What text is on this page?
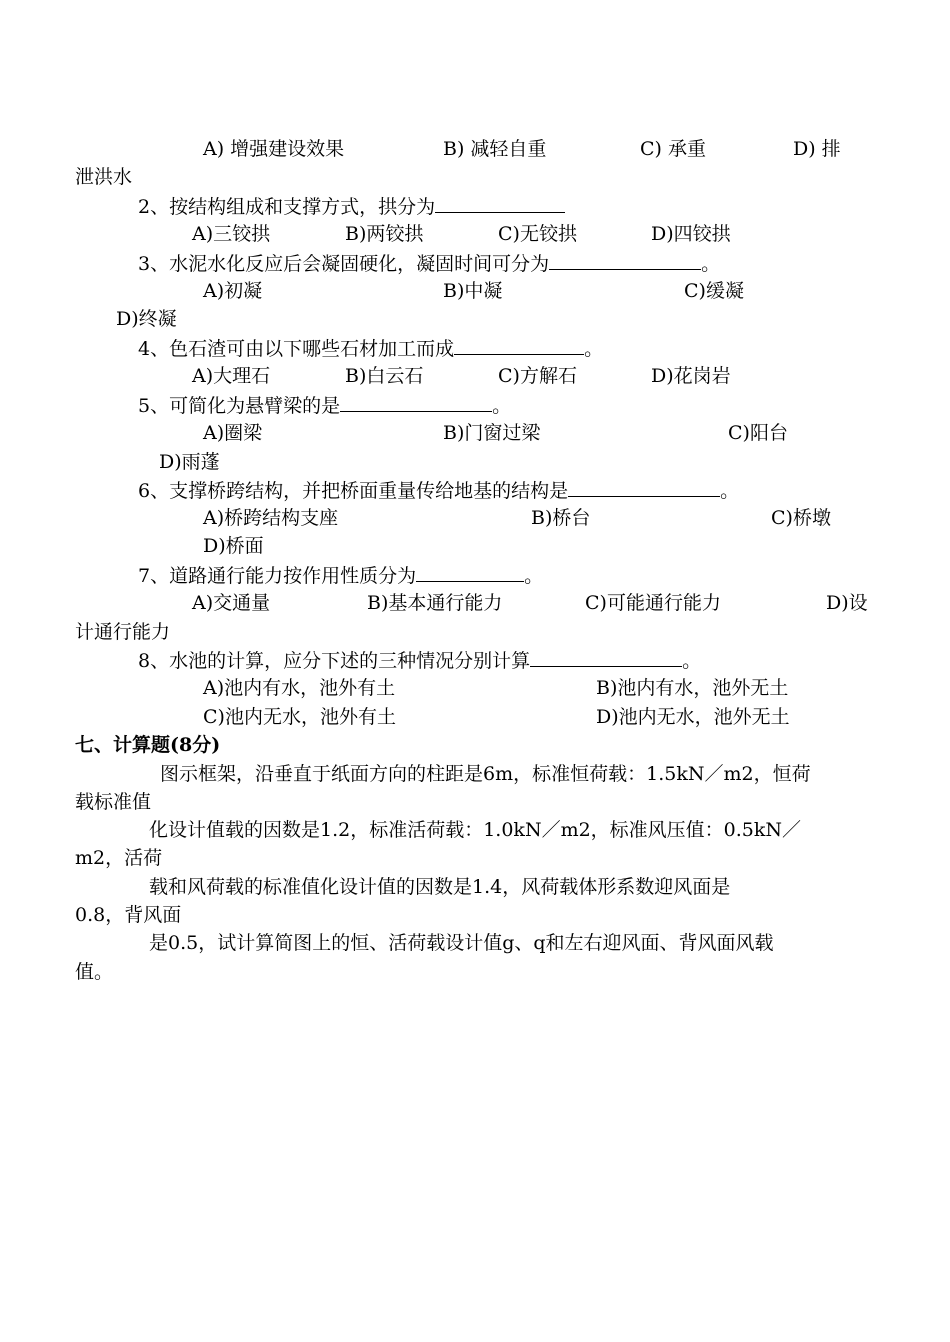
A) 增强建设效果	B) 减轻自重	C) 承重	D) 排
泄洪水
2、按结构组成和支撑方式，拱分为
A)三铰拱	B)两铰拱	C)无铰拱	D)四铰拱
3、水泥水化反应后会凝固硬化，凝固时间可分为	。
A)初凝	B)中凝	C)缓凝
D)终凝
4、色石渣可由以下哪些石材加工而成	。
A)大理石	B)白云石	C)方解石	D)花岗岩
5、可简化为悬臂梁的是	。
A)圈梁	B)门窗过梁	C)阳台
D)雨蓬
6、支撑桥跨结构，并把桥面重量传给地基的结构是	。
A)桥跨结构支座	B)桥台	C)桥墩
D)桥面
7、道路通行能力按作用性质分为	。
A)交通量	B)基本通行能力	C)可能通行能力	D)设
计通行能力
8、水池的计算，应分下述的三种情况分别计算	。
A)池内有水，池外有土	B)池内有水，池外无土
C)池内无水，池外有土	D)池内无水，池外无土
七、计算题(8分)
图示框架，沿垂直于纸面方向的柱距是6m，标准恒荷载：1.5kN／m2，恒荷
载标准值
化设计值载的因数是1.2，标准活荷载：1.0kN／m2，标准风压值：0.5kN／
m2，活荷
载和风荷载的标准值化设计值的因数是1.4，风荷载体形系数迎风面是
0.8，背风面
是0.5，试计算简图上的恒、活荷载设计值g、q和左右迎风面、背风面风载
值。
